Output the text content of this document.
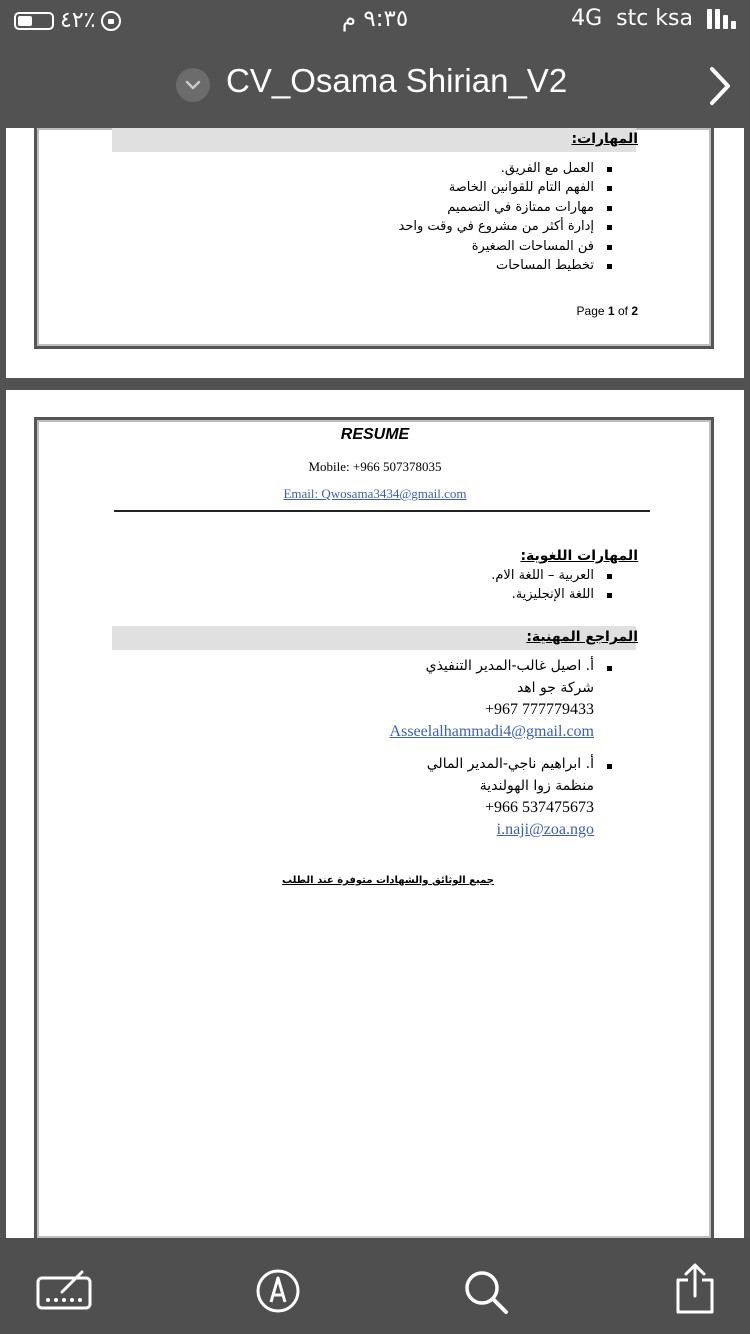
٤٢٪	٩:٣٥ م	4G stc ksa
CV_Osama Shirian_V2
المهارات:
العمل مع الفريق.
الفهم التام للقوانين الخاصة
مهارات ممتازة في التصميم
إدارة أكثر من مشروع في وقت واحد
فن المساحات الصغيرة
تخطيط المساحات
Page 1 of 2
RESUME
Mobile: +966 507378035
Email: Qwosama3434@gmail.com
المهارات اللغوية:
العربية – اللغة الام.
اللغة الإنجليزية.
المراجع المهنية:
أ. اصيل غالب-المدير التنفيذي
شركة جو اهد
+967 777779433
Asseelalhammadi4@gmail.com
أ. ابراهيم ناجي-المدير المالي
منظمة زوا الهولندية
+966 537475673
i.naji@zoa.ngo
جميع الوثائق والشهادات متوفرة عند الطلب
